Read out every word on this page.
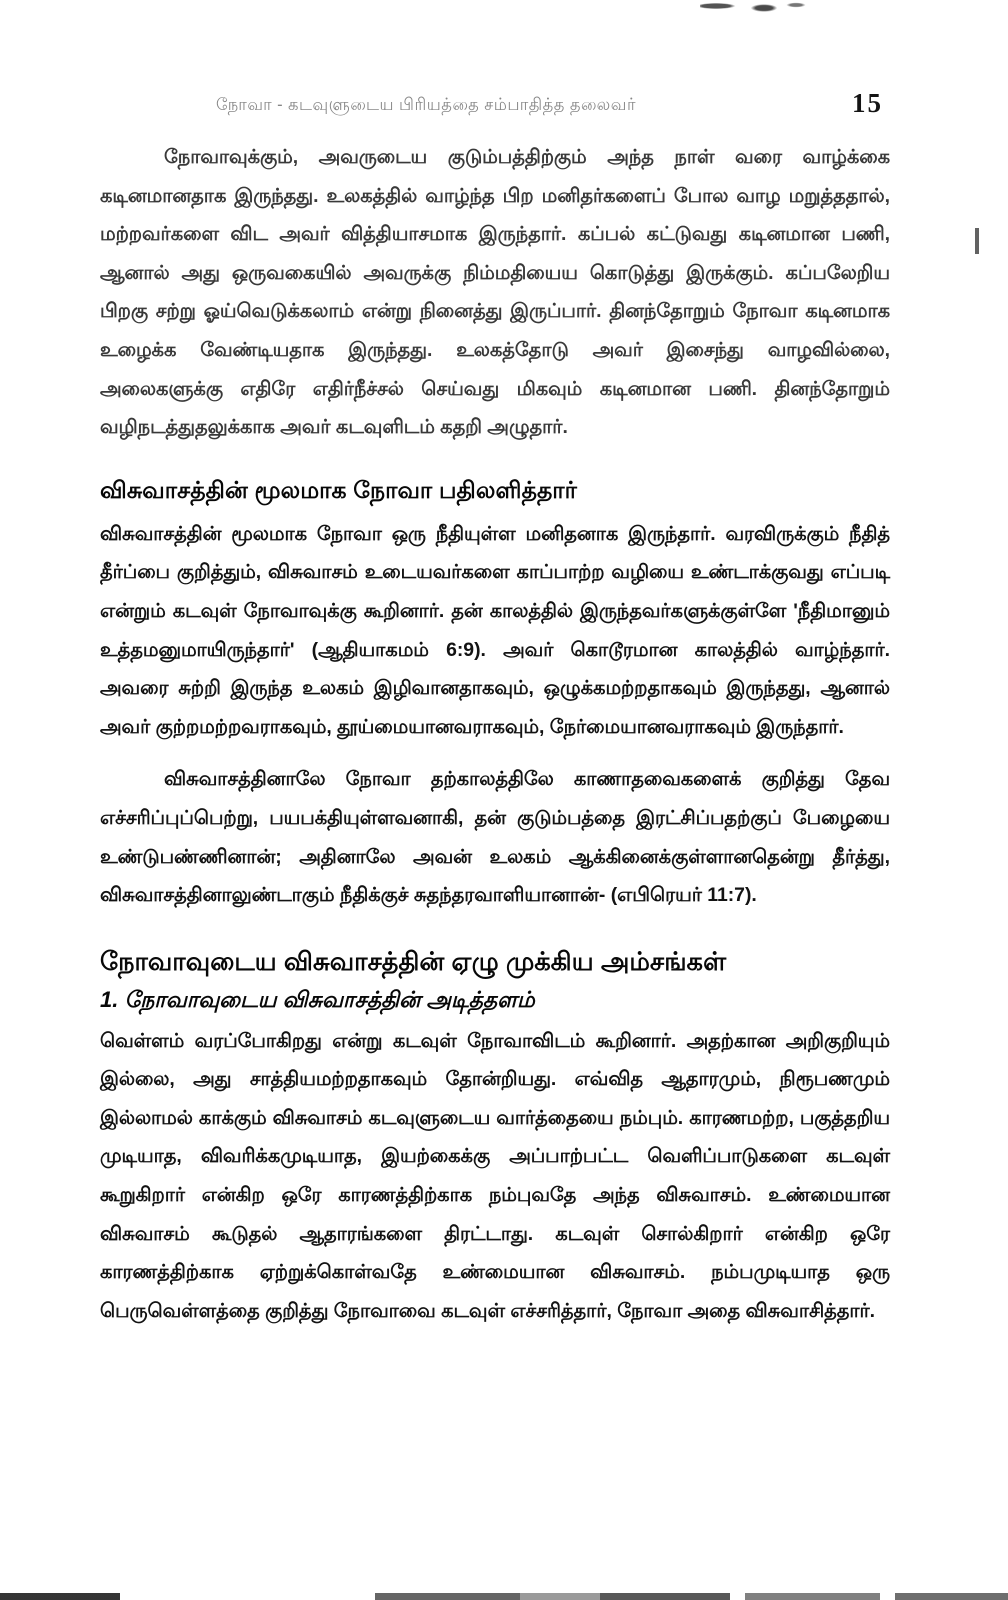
நோவா - கடவுளுடைய பிரியத்தை சம்பாதித்த தலைவர்	15

நோவாவுக்கும், அவருடைய குடும்பத்திற்கும் அந்த நாள் வரை வாழ்க்கை கடினமானதாக இருந்தது. உலகத்தில் வாழ்ந்த பிற மனிதர்களைப் போல வாழ மறுத்ததால், மற்றவர்களை விட அவர் வித்தியாசமாக இருந்தார். கப்பல் கட்டுவது கடினமான பணி, ஆனால் அது ஒருவகையில் அவருக்கு நிம்மதியைய கொடுத்து இருக்கும். கப்பலேறிய பிறகு சற்று ஓய்வெடுக்கலாம் என்று நினைத்து இருப்பார். தினந்தோறும் நோவா கடினமாக உழைக்க வேண்டியதாக இருந்தது. உலகத்தோடு அவர் இசைந்து வாழவில்லை, அலைகளுக்கு எதிரே எதிர்நீச்சல் செய்வது மிகவும் கடினமான பணி. தினந்தோறும் வழிநடத்துதலுக்காக அவர் கடவுளிடம் கதறி அழுதார்.

விசுவாசத்தின் மூலமாக நோவா பதிலளித்தார்

விசுவாசத்தின் மூலமாக நோவா ஒரு நீதியுள்ள மனிதனாக இருந்தார். வரவிருக்கும் நீதித் தீர்ப்பை குறித்தும், விசுவாசம் உடையவர்களை காப்பாற்ற வழியை உண்டாக்குவது எப்படி என்றும் கடவுள் நோவாவுக்கு கூறினார். தன் காலத்தில் இருந்தவர்களுக்குள்ளே 'நீதிமானும் உத்தமனுமாயிருந்தார்' (ஆதியாகமம் 6:9). அவர் கொடூரமான காலத்தில் வாழ்ந்தார். அவரை சுற்றி இருந்த உலகம் இழிவானதாகவும், ஒழுக்கமற்றதாகவும் இருந்தது, ஆனால் அவர் குற்றமற்றவராகவும், தூய்மையானவராகவும், நேர்மையானவராகவும் இருந்தார்.

விசுவாசத்தினாலே நோவா தற்காலத்திலே காணாதவைகளைக் குறித்து தேவ எச்சரிப்புப்பெற்று, பயபக்தியுள்ளவனாகி, தன் குடும்பத்தை இரட்சிப்பதற்குப் பேழையை உண்டுபண்ணினான்; அதினாலே அவன் உலகம் ஆக்கினைக்குள்ளானதென்று தீர்த்து, விசுவாசத்தினாலுண்டாகும் நீதிக்குச் சுதந்தரவாளியானான்- (எபிரெயர் 11:7).

நோவாவுடைய விசுவாசத்தின் ஏழு முக்கிய அம்சங்கள்
1. நோவாவுடைய விசுவாசத்தின் அடித்தளம்

வெள்ளம் வரப்போகிறது என்று கடவுள் நோவாவிடம் கூறினார். அதற்கான அறிகுறியும் இல்லை, அது சாத்தியமற்றதாகவும் தோன்றியது. எவ்வித ஆதாரமும், நிரூபணமும் இல்லாமல் காக்கும் விசுவாசம் கடவுளுடைய வார்த்தையை நம்பும். காரணமற்ற, பகுத்தறிய முடியாத, விவரிக்கமுடியாத, இயற்கைக்கு அப்பாற்பட்ட வெளிப்பாடுகளை கடவுள் கூறுகிறார் என்கிற ஒரே காரணத்திற்காக நம்புவதே அந்த விசுவாசம். உண்மையான விசுவாசம் கூடுதல் ஆதாரங்களை திரட்டாது. கடவுள் சொல்கிறார் என்கிற ஒரே காரணத்திற்காக ஏற்றுக்கொள்வதே உண்மையான விசுவாசம். நம்பமுடியாத ஒரு பெருவெள்ளத்தை குறித்து நோவாவை கடவுள் எச்சரித்தார், நோவா அதை விசுவாசித்தார்.
